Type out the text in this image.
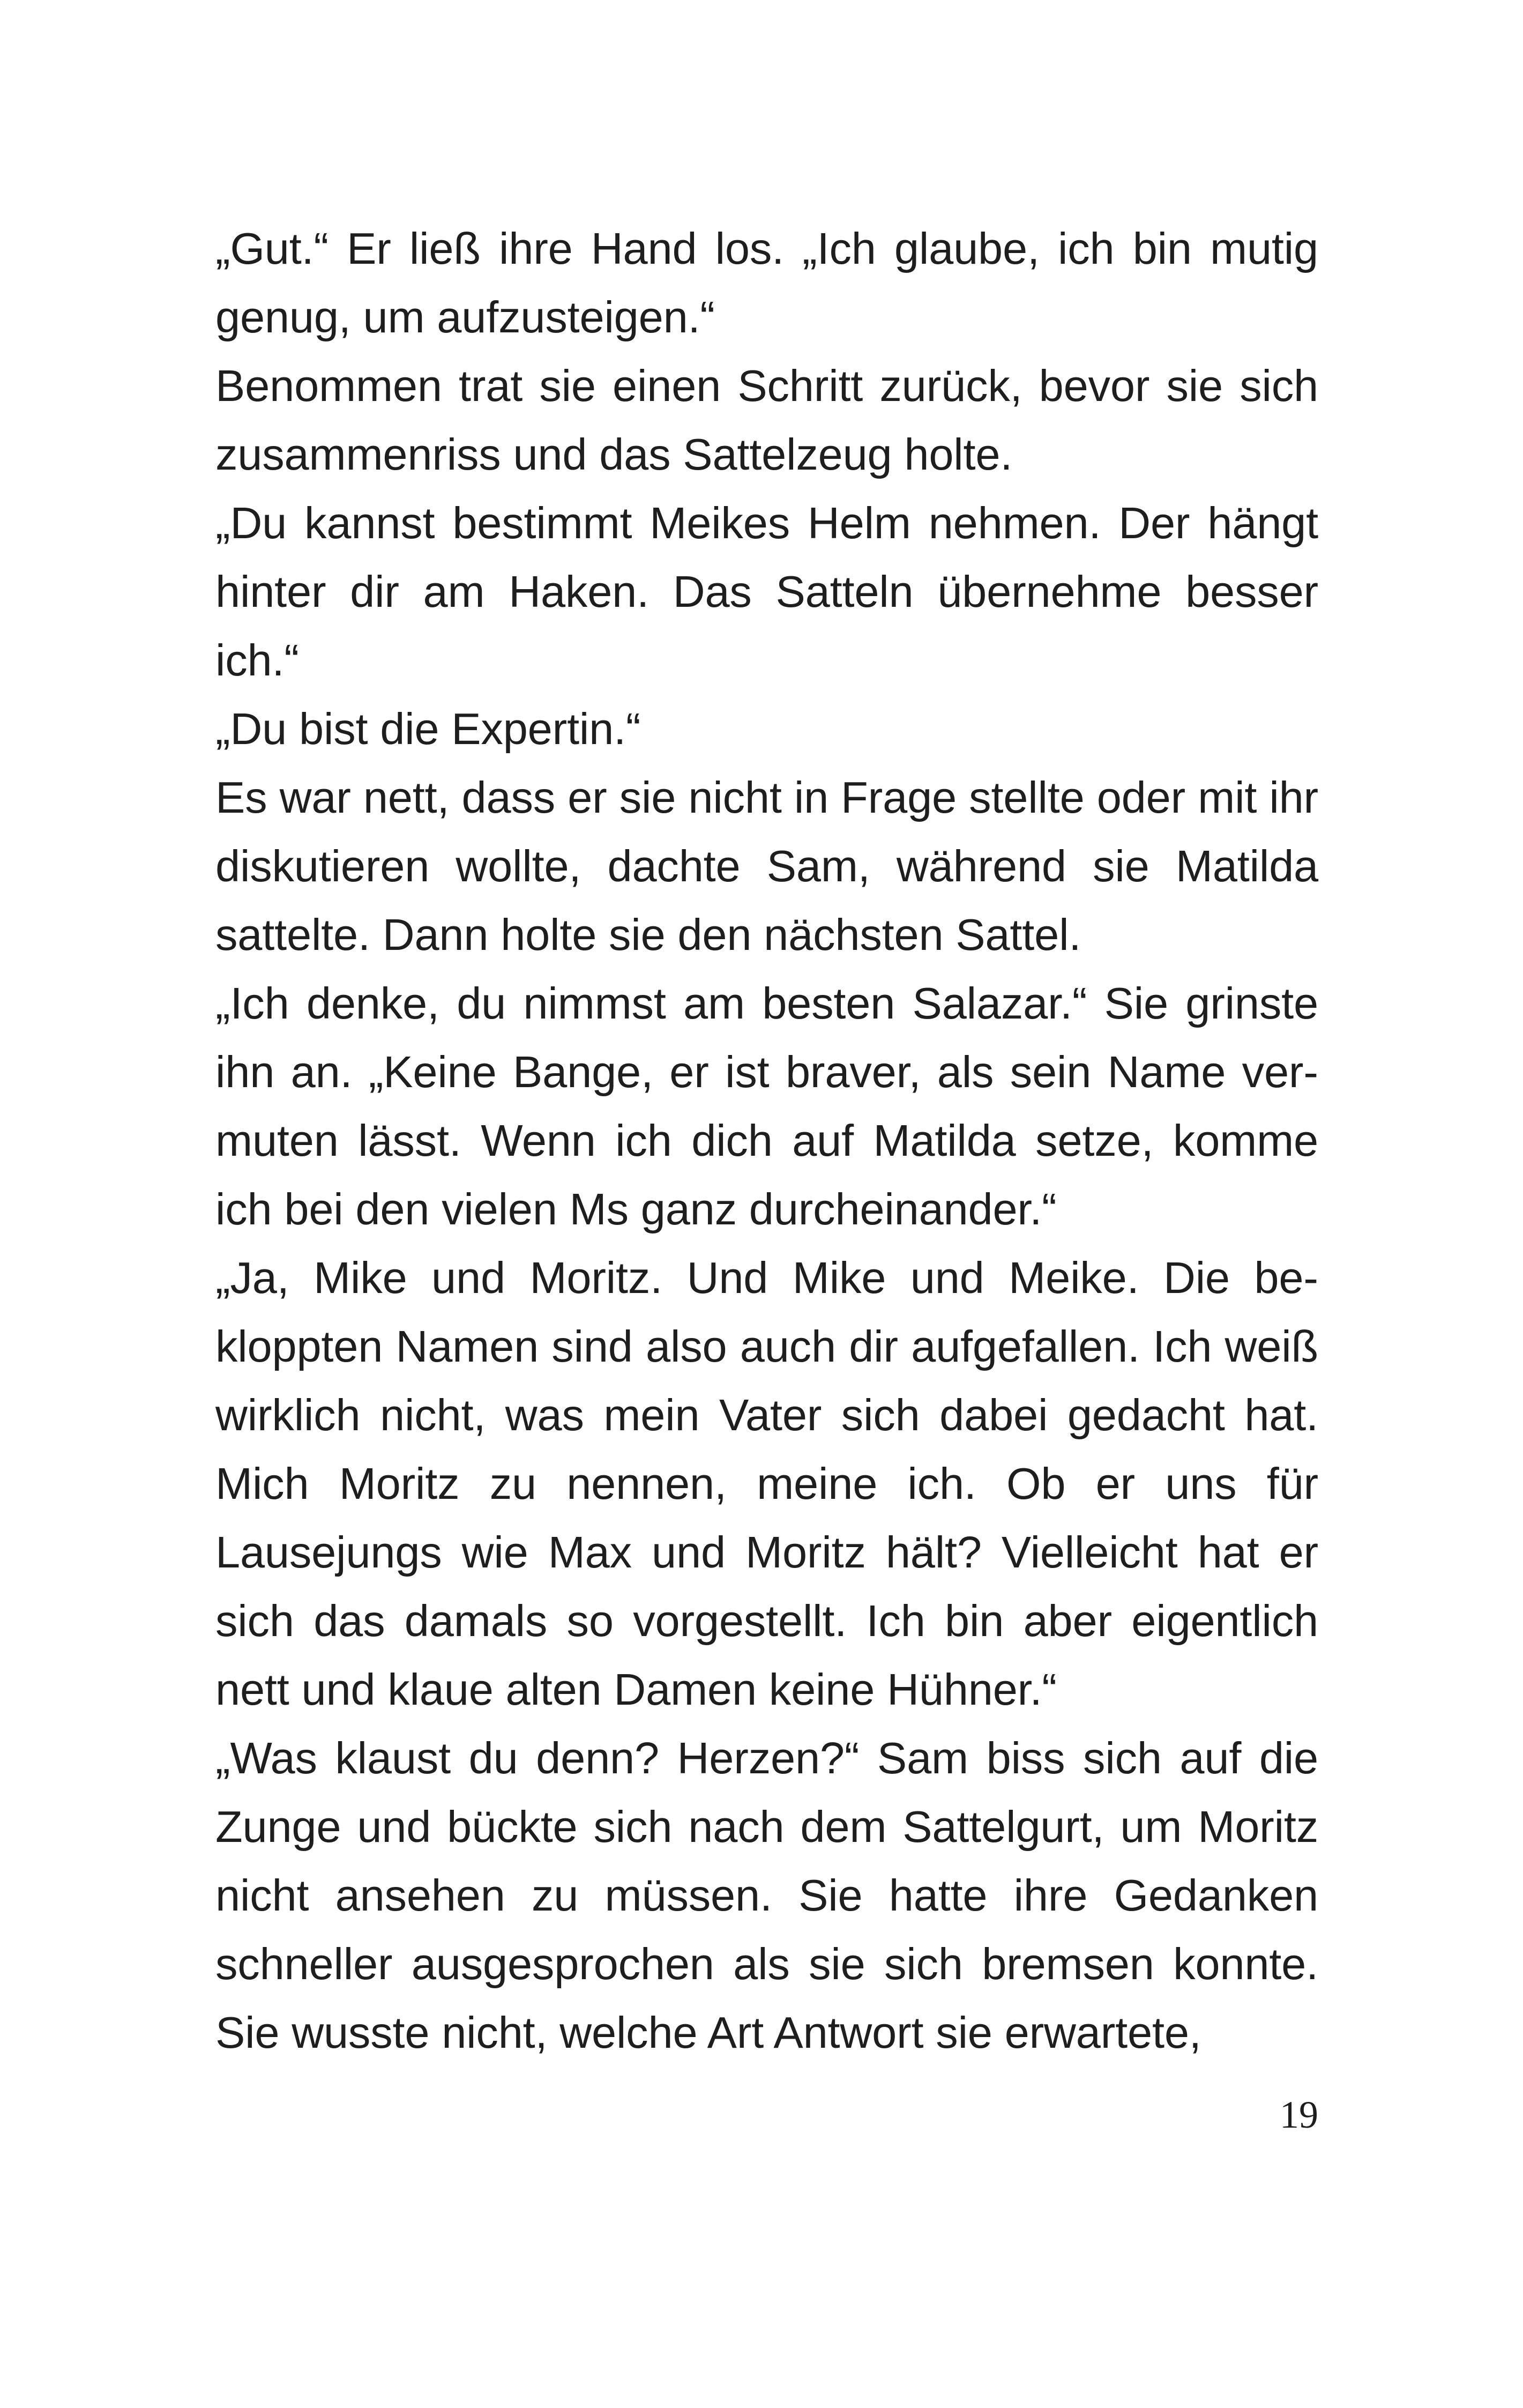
„Gut.“ Er ließ ihre Hand los. „Ich glaube, ich bin mutig genug, um aufzusteigen.“

Benommen trat sie einen Schritt zurück, bevor sie sich zusammenriss und das Sattelzeug holte.

„Du kannst bestimmt Meikes Helm nehmen. Der hängt hinter dir am Haken. Das Satteln übernehme besser ich.“

„Du bist die Expertin.“

Es war nett, dass er sie nicht in Frage stellte oder mit ihr diskutieren wollte, dachte Sam, während sie Matilda sattelte. Dann holte sie den nächsten Sattel.

„Ich denke, du nimmst am besten Salazar.“ Sie grinste ihn an. „Keine Bange, er ist braver, als sein Name vermuten lässt. Wenn ich dich auf Matilda setze, komme ich bei den vielen Ms ganz durcheinander.“

„Ja, Mike und Moritz. Und Mike und Meike. Die bekloppten Namen sind also auch dir aufgefallen. Ich weiß wirklich nicht, was mein Vater sich dabei gedacht hat. Mich Moritz zu nennen, meine ich. Ob er uns für Lausejungs wie Max und Moritz hält? Vielleicht hat er sich das damals so vorgestellt. Ich bin aber eigentlich nett und klaue alten Damen keine Hühner.“

„Was klaust du denn? Herzen?“ Sam biss sich auf die Zunge und bückte sich nach dem Sattelgurt, um Moritz nicht ansehen zu müssen. Sie hatte ihre Gedanken schneller ausgesprochen als sie sich bremsen konnte. Sie wusste nicht, welche Art Antwort sie erwartete,

19
